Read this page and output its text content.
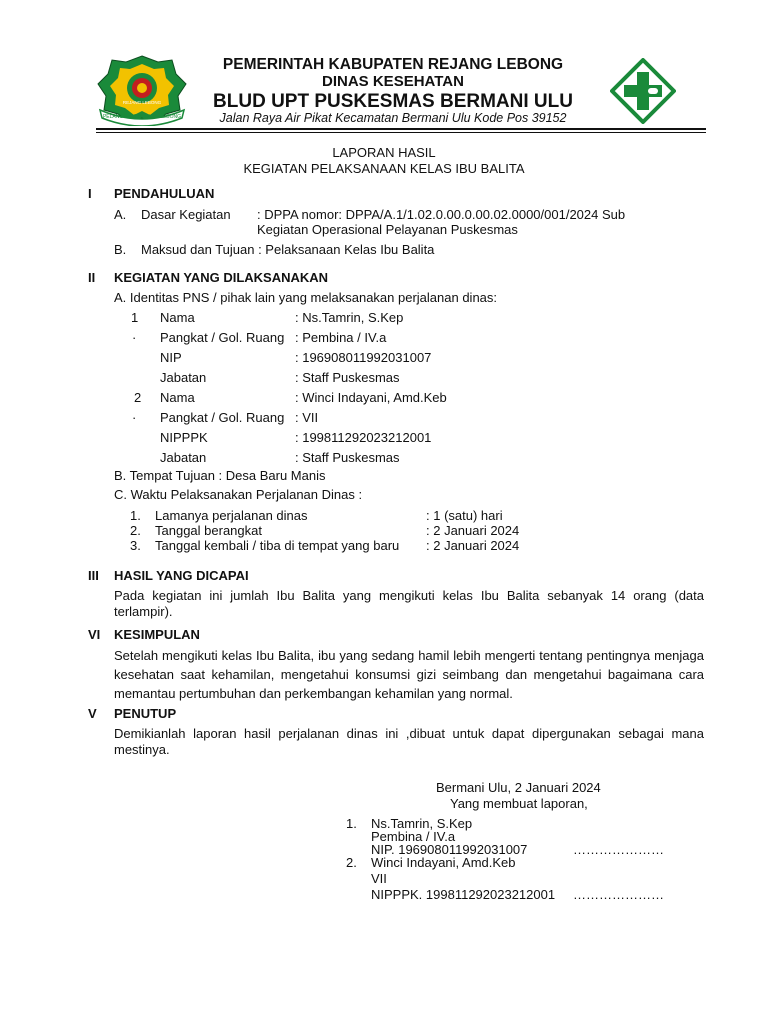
PELANGGAI SEKUNDEI LEBONG
REJANG LEBONG
PEMERINTAH KABUPATEN REJANG LEBONG
DINAS KESEHATAN
BLUD UPT PUSKESMAS BERMANI ULU
Jalan Raya Air Pikat Kecamatan Bermani Ulu Kode Pos 39152
LAPORAN HASIL
KEGIATAN PELAKSANAAN KELAS IBU BALITA
I PENDAHULUAN
A. Dasar Kegiatan : DPPA nomor: DPPA/A.1/1.02.0.00.0.00.02.0000/001/2024 Sub
Kegiatan Operasional Pelayanan Puskesmas
B. Maksud dan Tujuan : Pelaksanaan Kelas Ibu Balita
II KEGIATAN YANG DILAKSANAKAN
A. Identitas PNS / pihak lain yang melaksanakan perjalanan dinas:
1
·
Nama	: Ns.Tamrin, S.Kep
Pangkat / Gol. Ruang : Pembina / IV.a
NIP	: 196908011992031007
Jabatan	: Staff Puskesmas
2
·
Nama	: Winci Indayani, Amd.Keb
Pangkat / Gol. Ruang : VII
NIPPPK	: 199811292023212001
Jabatan	: Staff Puskesmas
B. Tempat Tujuan : Desa Baru Manis
C. Waktu Pelaksanakan Perjalanan Dinas :
1. Lamanya perjalanan dinas	: 1 (satu) hari
2. Tanggal berangkat	: 2 Januari 2024
3. Tanggal kembali / tiba di tempat yang baru : 2 Januari 2024
III HASIL YANG DICAPAI
Pada kegiatan ini jumlah Ibu Balita yang mengikuti kelas Ibu Balita sebanyak 14 orang (data terlampir).
VI KESIMPULAN
Setelah mengikuti kelas Ibu Balita, ibu yang sedang hamil lebih mengerti tentang pentingnya menjaga kesehatan saat kehamilan, mengetahui konsumsi gizi seimbang dan mengetahui bagaimana cara memantau pertumbuhan dan perkembangan kehamilan yang normal.
V PENUTUP
Demikianlah laporan hasil perjalanan dinas ini ,dibuat untuk dapat dipergunakan sebagai mana mestinya.
Bermani Ulu, 2 Januari 2024
Yang membuat laporan,
1. Ns.Tamrin, S.Kep
Pembina / IV.a
NIP. 196908011992031007	…………………
2. Winci Indayani, Amd.Keb
VII
NIPPPK. 199811292023212001 …………………
